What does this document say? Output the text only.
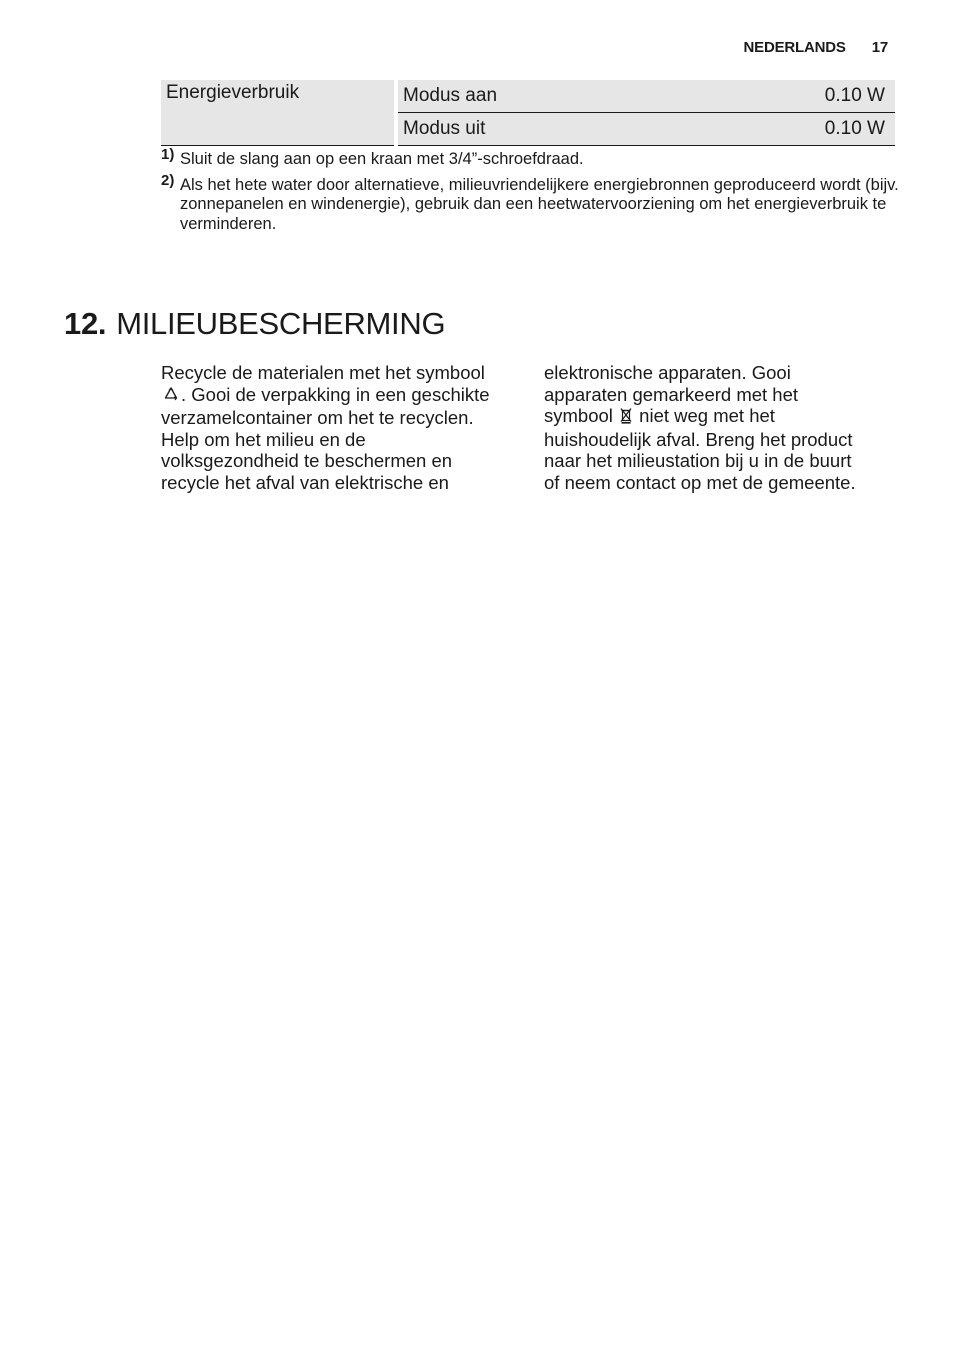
NEDERLANDS 17
Energieverbruik		Modus aan	0.10 W
		Modus uit	0.10 W
1) Sluit de slang aan op een kraan met 3/4”-schroefdraad.
2) Als het hete water door alternatieve, milieuvriendelijkere energiebronnen geproduceerd wordt (bijv. zonnepanelen en windenergie), gebruik dan een heetwatervoorziening om het energieverbruik te verminderen.
12. MILIEUBESCHERMING

Recycle de materialen met het symbool . Gooi de verpakking in een geschikte verzamelcontainer om het te recyclen.

Help om het milieu en de volksgezondheid te beschermen en recycle het afval van elektrische en

elektronische apparaten. Gooi apparaten gemarkeerd met het symbool niet weg met het huishoudelijk afval. Breng het product naar het milieustation bij u in de buurt of neem contact op met de gemeente.
